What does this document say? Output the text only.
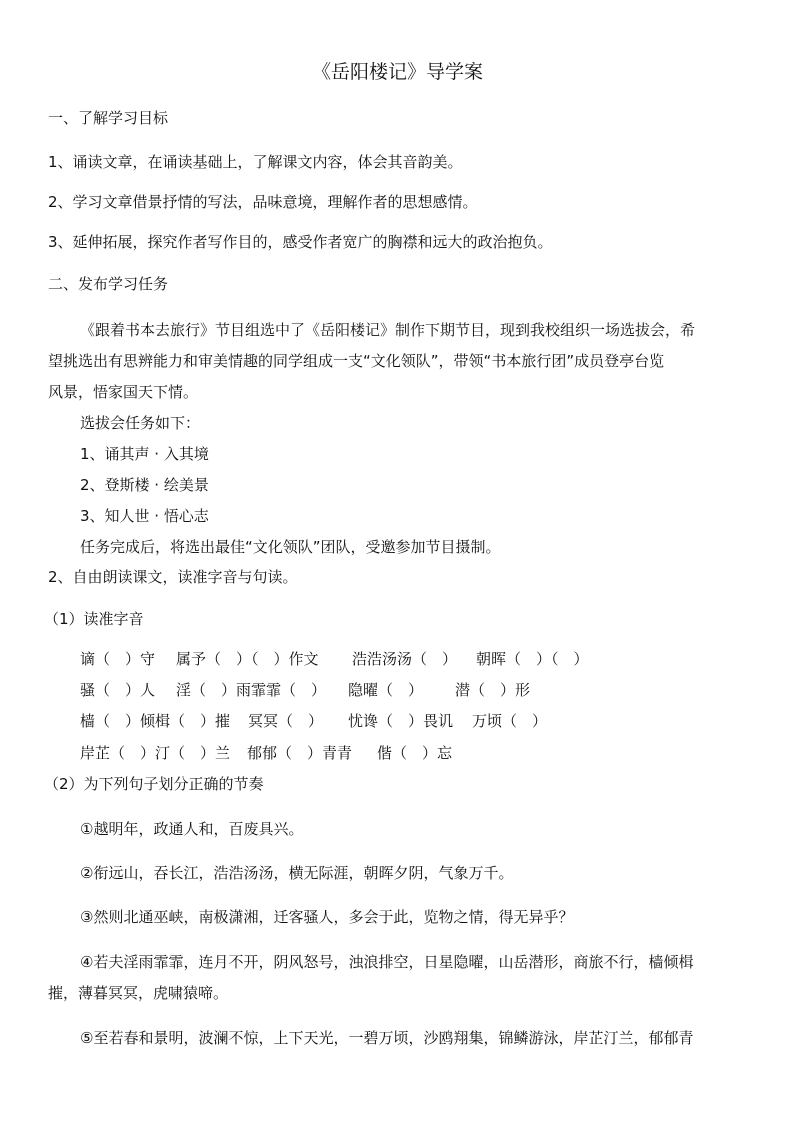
《岳阳楼记》导学案
一、了解学习目标
1、诵读文章，在诵读基础上，了解课文内容，体会其音韵美。
2、学习文章借景抒情的写法，品味意境，理解作者的思想感情。
3、延伸拓展，探究作者写作目的，感受作者宽广的胸襟和远大的政治抱负。
二、发布学习任务
《跟着书本去旅行》节目组选中了《岳阳楼记》制作下期节目，现到我校组织一场选拔会，希
望挑选出有思辨能力和审美情趣的同学组成一支“文化领队”，带领“书本旅行团”成员登亭台览
风景，悟家国天下情。
选拔会任务如下：
1、诵其声 · 入其境
2、登斯楼 · 绘美景
3、知人世 · 悟心志
任务完成后，将选出最佳“文化领队”团队，受邀参加节目摄制。
2、自由朗读课文，读准字音与句读。
（1）读准字音
谪（　）守 属予（　）（　）作文 浩浩汤汤（　） 朝晖（　）（　）
骚（　）人 淫（　）雨霏霏（　） 隐曜（　） 潜（　）形
樯（　）倾楫（　）摧 冥冥（　） 忧谗（　）畏讥 万顷（　）
岸芷（　）汀（　）兰 郁郁（　）青青 偕（　）忘
（2）为下列句子划分正确的节奏
①越明年，政通人和，百废具兴。
②衔远山，吞长江，浩浩汤汤，横无际涯，朝晖夕阴，气象万千。
③然则北通巫峡，南极潇湘，迁客骚人，多会于此，览物之情，得无异乎？
④若夫淫雨霏霏，连月不开，阴风怒号，浊浪排空，日星隐曜，山岳潜形，商旅不行，樯倾楫
摧，薄暮冥冥，虎啸猿啼。
⑤至若春和景明，波澜不惊，上下天光，一碧万顷，沙鸥翔集，锦鳞游泳，岸芷汀兰，郁郁青
